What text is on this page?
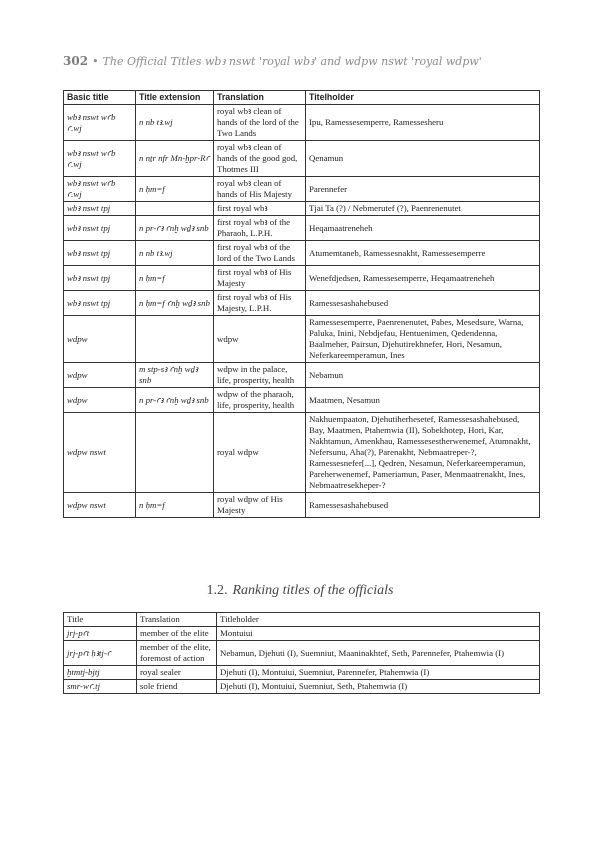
302 • The Official Titles wbꜣ nswt 'royal wbꜣ' and wdpw nswt 'royal wdpw'
Basic title	Title extension	Translation	Titelholder
wbꜣ nswt wꜥb ꜥ.wj	n nb tꜣ.wj	royal wbꜣ clean of hands of the lord of the Two Lands	Ipu, Ramessesemperre, Ramessesheru
wbꜣ nswt wꜥb ꜥ.wj	n nṯr nfr Mn-ḫpr-Rꜥ	royal wbꜣ clean of hands of the good god, Thotmes III	Qenamun
wbꜣ nswt wꜥb ꜥ.wj	n ḥm=f	royal wbꜣ clean of hands of His Majesty	Parennefer
wbꜣ nswt tpj		first royal wbꜣ	Tjai Ta (?) / Nebmerutef (?), Paenrenenutet
wbꜣ nswt tpj	n pr-ꜥꜣ ꜥnḫ wḏꜣ snb	first royal wbꜣ of the Pharaoh, L.P.H.	Heqamaatreneheh
wbꜣ nswt tpj	n nb tꜣ.wj	first royal wbꜣ of the lord of the Two Lands	Atumemtaneb, Ramessesnakht, Ramessesemperre
wbꜣ nswt tpj	n ḥm=f	first royal wbꜣ of His Majesty	Wenefdjedsen, Ramessesemperre, Heqamaatreneheh
wbꜣ nswt tpj	n ḥm=f ꜥnḫ wḏꜣ snb	first royal wbꜣ of His Majesty, L.P.H.	Ramessesashahebused
wdpw		wdpw	Ramessesemperre, Paenrenenutet, Pabes, Mesedsure, Warna, Paluka, Inini, Nebdjefau, Hentuenimen, Qedendenna, Baalmeher, Pairsun, Djehutirekhnefer, Hori, Nesamun, Neferkareemperamun, Ines
wdpw	m stp-sꜣ ꜥnḫ wḏꜣ snb	wdpw in the palace, life, prosperity, health	Nebamun
wdpw	n pr-ꜥꜣ ꜥnḫ wḏꜣ snb	wdpw of the pharaoh, life, prosperity, health	Maatmen, Nesamun
wdpw nswt		royal wdpw	Nakhuempaaton, Djehutiherhesetef, Ramessesashahebused, Bay, Maatmen, Ptahemwia (II), Sobekhotep, Hori, Kar, Nakhtamun, Amenkhau, Ramessesestherwenemef, Atumnakht, Nefersunu, Aha(?), Parenakht, Nebmaatreper-?, Ramessesnefer[...], Qedren, Nesamun, Neferkareemperamun, Pareherwenemef, Pameriamun, Paser, Menmaatrenakht, Ines, Nebmaatresekheper-?
wdpw nswt	n ḥm=f	royal wdpw of His Majesty	Ramessesashahebused
1.2. Ranking titles of the officials
Title	Translation	Titleholder
jrj-pꜥt	member of the elite	Montuiui
jrj-pꜥt ḥꜣtj-ꜥ	member of the elite, foremost of action	Nebamun, Djehuti (I), Suemniut, Maaninakhtef, Seth, Parennefer, Ptahemwia (I)
ḫtmtj-bjtj	royal sealer	Djehuti (I), Montuiui, Suemniut, Parennefer, Ptahemwia (I)
smr-wꜥ.tj	sole friend	Djehuti (I), Montuiui, Suemniut, Seth, Ptahemwia (I)
